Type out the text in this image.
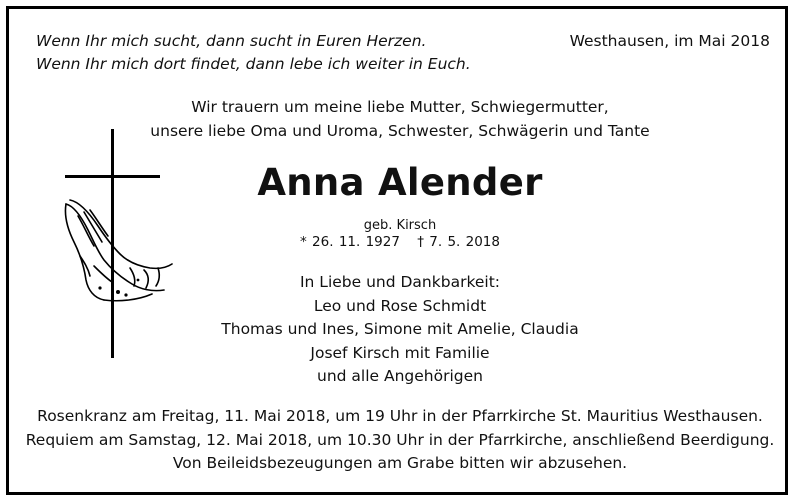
Wenn Ihr mich sucht, dann sucht in Euren Herzen.
Wenn Ihr mich dort findet, dann lebe ich weiter in Euch.
Westhausen, im Mai 2018
Wir trauern um meine liebe Mutter, Schwiegermutter,
unsere liebe Oma und Uroma, Schwester, Schwägerin und Tante
Anna Alender
geb. Kirsch
* 26. 11. 1927 † 7. 5. 2018
In Liebe und Dankbarkeit:
Leo und Rose Schmidt
Thomas und Ines, Simone mit Amelie, Claudia
Josef Kirsch mit Familie
und alle Angehörigen
Rosenkranz am Freitag, 11. Mai 2018, um 19 Uhr in der Pfarrkirche St. Mauritius Westhausen.
Requiem am Samstag, 12. Mai 2018, um 10.30 Uhr in der Pfarrkirche, anschließend Beerdigung.
Von Beileidsbezeugungen am Grabe bitten wir abzusehen.
